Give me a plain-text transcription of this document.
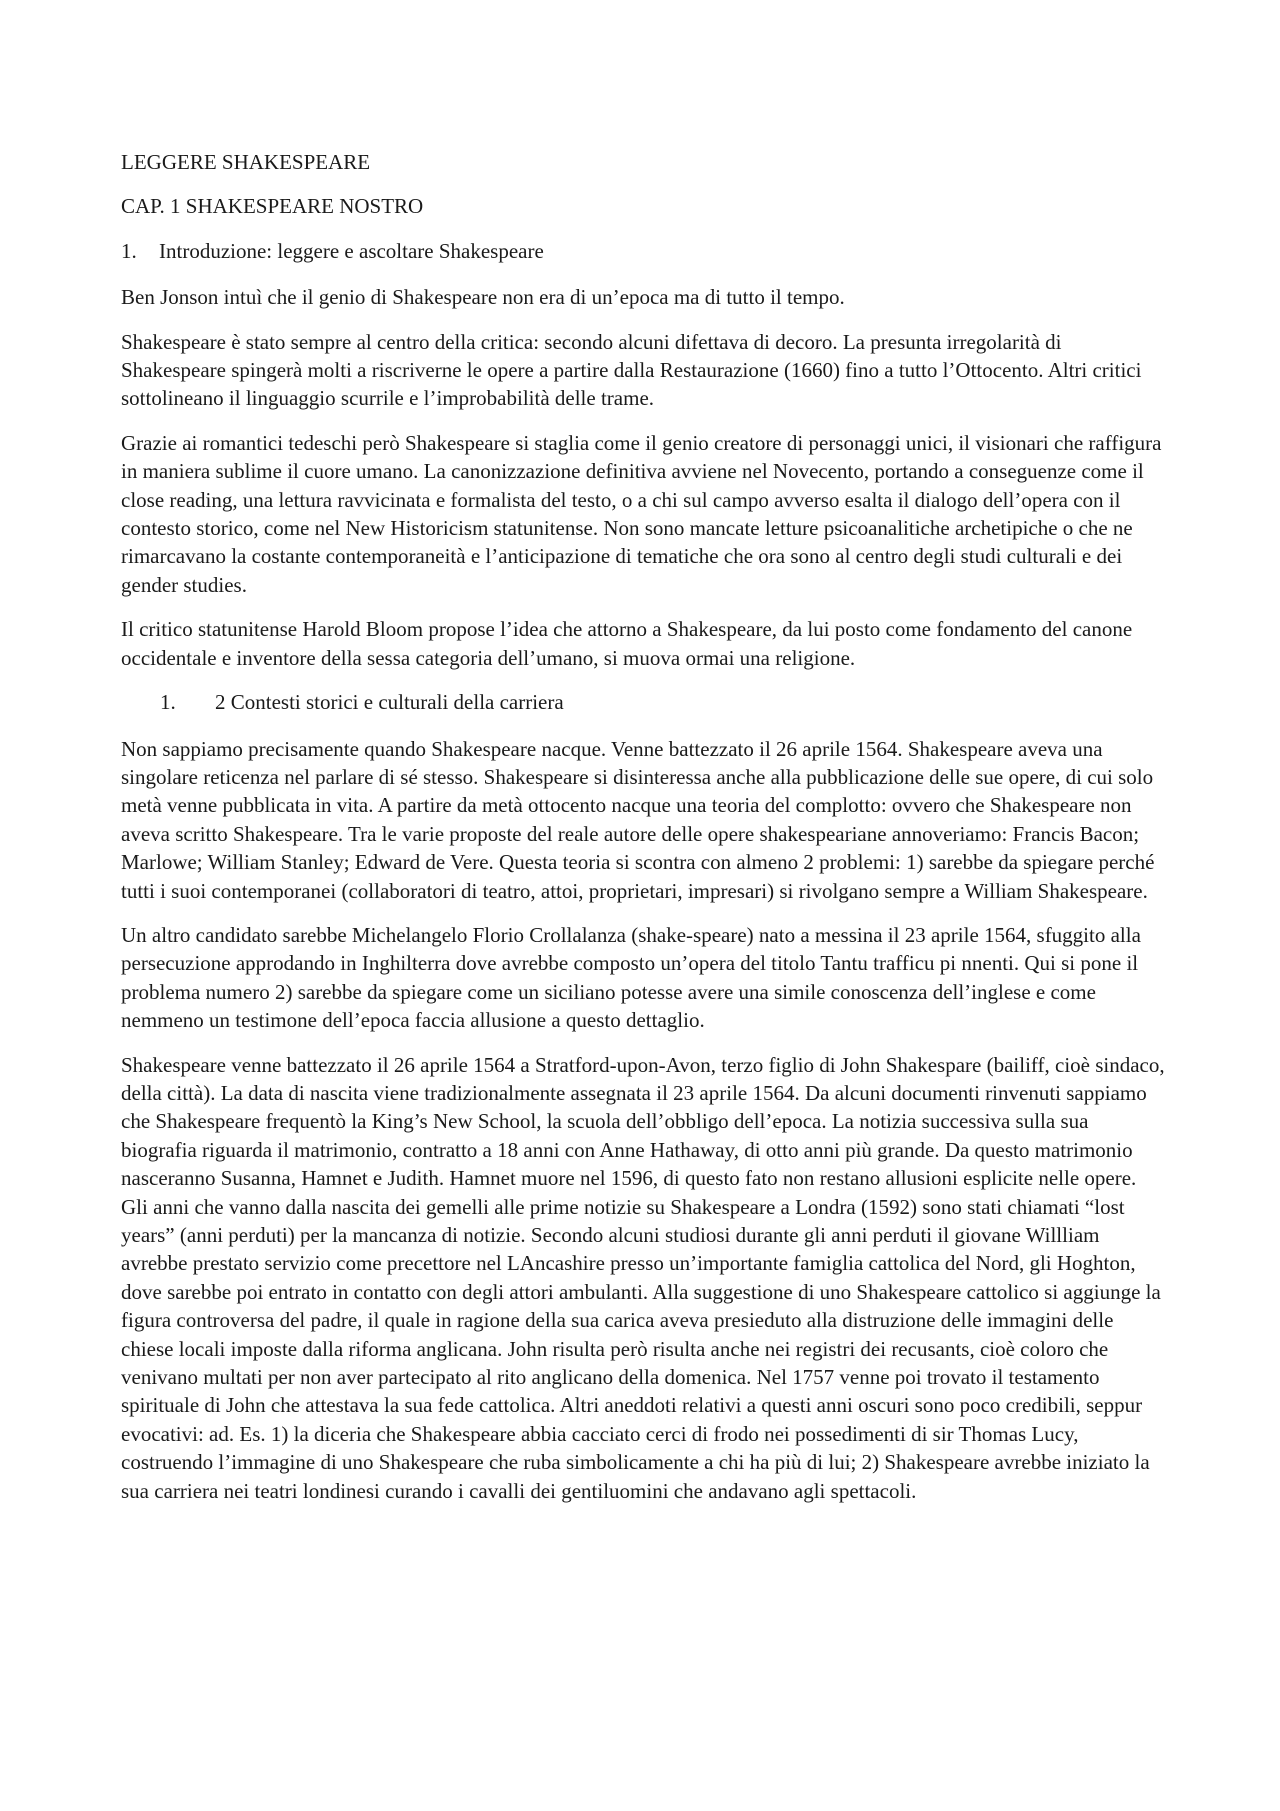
LEGGERE SHAKESPEARE

CAP. 1 SHAKESPEARE NOSTRO

1.	Introduzione: leggere e ascoltare Shakespeare

Ben Jonson intuì che il genio di Shakespeare non era di un’epoca ma di tutto il tempo.

Shakespeare è stato sempre al centro della critica: secondo alcuni difettava di decoro. La presunta irregolarità di Shakespeare spingerà molti a riscriverne le opere a partire dalla Restaurazione (1660) fino a tutto l’Ottocento. Altri critici sottolineano il linguaggio scurrile e l’improbabilità delle trame.

Grazie ai romantici tedeschi però Shakespeare si staglia come il genio creatore di personaggi unici, il visionari che raffigura in maniera sublime il cuore umano. La canonizzazione definitiva avviene nel Novecento, portando a conseguenze come il close reading, una lettura ravvicinata e formalista del testo, o a chi sul campo avverso esalta il dialogo dell’opera con il contesto storico, come nel New Historicism statunitense. Non sono mancate letture psicoanalitiche archetipiche o che ne rimarcavano la costante contemporaneità e l’anticipazione di tematiche che ora sono al centro degli studi culturali e dei gender studies.

Il critico statunitense Harold Bloom propose l’idea che attorno a Shakespeare, da lui posto come fondamento del canone occidentale e inventore della sessa categoria dell’umano, si muova ormai una religione.

1.	2 Contesti storici e culturali della carriera

Non sappiamo precisamente quando Shakespeare nacque. Venne battezzato il 26 aprile 1564. Shakespeare aveva una singolare reticenza nel parlare di sé stesso. Shakespeare si disinteressa anche alla pubblicazione delle sue opere, di cui solo metà venne pubblicata in vita. A partire da metà ottocento nacque una teoria del complotto: ovvero che Shakespeare non aveva scritto Shakespeare. Tra le varie proposte del reale autore delle opere shakespeariane annoveriamo: Francis Bacon; Marlowe; William Stanley; Edward de Vere. Questa teoria si scontra con almeno 2 problemi: 1) sarebbe da spiegare perché tutti i suoi contemporanei (collaboratori di teatro, attoi, proprietari, impresari) si rivolgano sempre a William Shakespeare.

Un altro candidato sarebbe Michelangelo Florio Crollalanza (shake-speare) nato a messina il 23 aprile 1564, sfuggito alla persecuzione approdando in Inghilterra dove avrebbe composto un’opera del titolo Tantu trafficu pi nnenti. Qui si pone il problema numero 2) sarebbe da spiegare come un siciliano potesse avere una simile conoscenza dell’inglese e come nemmeno un testimone dell’epoca faccia allusione a questo dettaglio.

Shakespeare venne battezzato il 26 aprile 1564 a Stratford-upon-Avon, terzo figlio di John Shakespare (bailiff, cioè sindaco, della città). La data di nascita viene tradizionalmente assegnata il 23 aprile 1564. Da alcuni documenti rinvenuti sappiamo che Shakespeare frequentò la King’s New School, la scuola dell’obbligo dell’epoca. La notizia successiva sulla sua biografia riguarda il matrimonio, contratto a 18 anni con Anne Hathaway, di otto anni più grande. Da questo matrimonio nasceranno Susanna, Hamnet e Judith. Hamnet muore nel 1596, di questo fato non restano allusioni esplicite nelle opere. Gli anni che vanno dalla nascita dei gemelli alle prime notizie su Shakespeare a Londra (1592) sono stati chiamati “lost years” (anni perduti) per la mancanza di notizie. Secondo alcuni studiosi durante gli anni perduti il giovane Willliam avrebbe prestato servizio come precettore nel LAncashire presso un’importante famiglia cattolica del Nord, gli Hoghton, dove sarebbe poi entrato in contatto con degli attori ambulanti. Alla suggestione di uno Shakespeare cattolico si aggiunge la figura controversa del padre, il quale in ragione della sua carica aveva presieduto alla distruzione delle immagini delle chiese locali imposte dalla riforma anglicana. John risulta però risulta anche nei registri dei recusants, cioè coloro che venivano multati per non aver partecipato al rito anglicano della domenica. Nel 1757 venne poi trovato il testamento spirituale di John che attestava la sua fede cattolica. Altri aneddoti relativi a questi anni oscuri sono poco credibili, seppur evocativi: ad. Es. 1) la diceria che Shakespeare abbia cacciato cerci di frodo nei possedimenti di sir Thomas Lucy, costruendo l’immagine di uno Shakespeare che ruba simbolicamente a chi ha più di lui; 2) Shakespeare avrebbe iniziato la sua carriera nei teatri londinesi curando i cavalli dei gentiluomini che andavano agli spettacoli.
